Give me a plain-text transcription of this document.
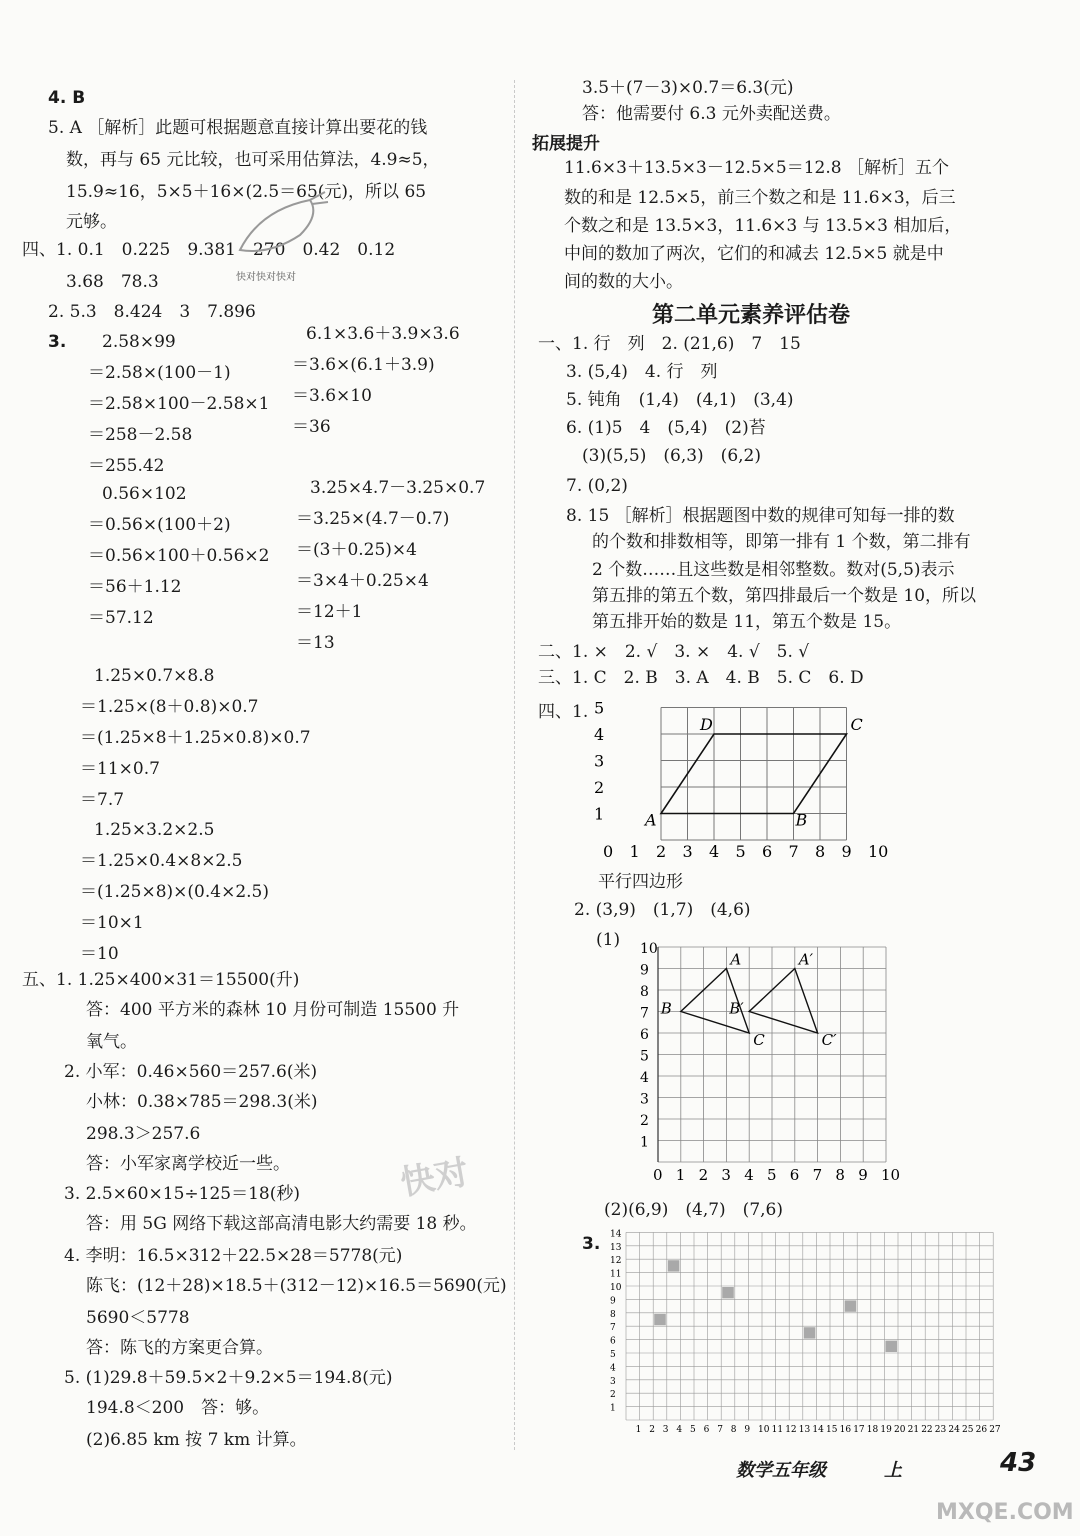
4. B
5. A ［解析］此题可根据题意直接计算出要花的钱
数，再与 65 元比较，也可采用估算法，4.9≈5，
15.9≈16，5×5＋16×(2.5＝65(元)，所以 65
元够。
四、1. 0.1　0.225　9.381　270　0.42　0.12
3.68　78.3
2. 5.3　8.424　3　7.896
快对快对快对
3. 2.58×99
＝2.58×(100－1)
＝2.58×100－2.58×1
＝258－2.58
＝255.42
6.1×3.6＋3.9×3.6
＝3.6×(6.1＋3.9)
＝3.6×10
＝36
0.56×102
＝0.56×(100＋2)
＝0.56×100＋0.56×2
＝56＋1.12
＝57.12
3.25×4.7－3.25×0.7
＝3.25×(4.7－0.7)
＝(3＋0.25)×4
＝3×4＋0.25×4
＝12＋1
＝13
1.25×0.7×8.8
＝1.25×(8＋0.8)×0.7
＝(1.25×8＋1.25×0.8)×0.7
＝11×0.7
＝7.7
1.25×3.2×2.5
＝1.25×0.4×8×2.5
＝(1.25×8)×(0.4×2.5)
＝10×1
＝10
五、1. 1.25×400×31＝15500(升)
答：400 平方米的森林 10 月份可制造 15500 升
氧气。
2. 小军：0.46×560＝257.6(米)
小林：0.38×785＝298.3(米)
298.3＞257.6
答：小军家离学校近一些。
3. 2.5×60×15÷125＝18(秒)
答：用 5G 网络下载这部高清电影大约需要 18 秒。
4. 李明：16.5×312＋22.5×28＝5778(元)
陈飞：(12＋28)×18.5＋(312－12)×16.5＝5690(元)
5690＜5778
答：陈飞的方案更合算。
5. (1)29.8＋59.5×2＋9.2×5＝194.8(元)
194.8＜200　答：够。
(2)6.85 km 按 7 km 计算。
3.5＋(7－3)×0.7＝6.3(元)
答：他需要付 6.3 元外卖配送费。
拓展提升
11.6×3＋13.5×3－12.5×5＝12.8 ［解析］五个
数的和是 12.5×5，前三个数之和是 11.6×3，后三
个数之和是 13.5×3，11.6×3 与 13.5×3 相加后，
中间的数加了两次，它们的和减去 12.5×5 就是中
间的数的大小。
第二单元素养评估卷
一、1. 行　列　2. (21,6)　7　15
3. (5,4)　4. 行　列
5. 钝角　(1,4)　(4,1)　(3,4)
6. (1)5　4　(5,4)　(2)苔
(3)(5,5)　(6,3)　(6,2)
7. (0,2)
8. 15 ［解析］根据题图中数的规律可知每一排的数
的个数和排数相等，即第一排有 1 个数，第二排有
2 个数……且这些数是相邻整数。数对(5,5)表示
第五排的第五个数，第四排最后一个数是 10，所以
第五排开始的数是 11，第五个数是 15。
二、1. ×　2. √　3. ×　4. √　5. √
三、1. C　2. B　3. A　4. B　5. C　6. D
四、1.
0 1 2 3 4 5 6 7 8 9 10
1
2
3
4
5
A	B
C
D
平行四边形
2. (3,9)　(1,7)　(4,6)
(1)
0 1 2 3 4 5 6 7 8 9 10
1
2
3
4
5
6
7
8
9
10
A
B
C
A′
B′
C′
(2)(6,9)　(4,7)　(7,6)
3.
1 2 3 4 5 6 7 8 9 10 11 12 13 14 15 16 17 18 19 20 21 22 23 24 25 26 27
1
2
3
4
5
6
7
8
9
10
11
12
13
14
快对
数学五年级	上	43
MXQE.COM
